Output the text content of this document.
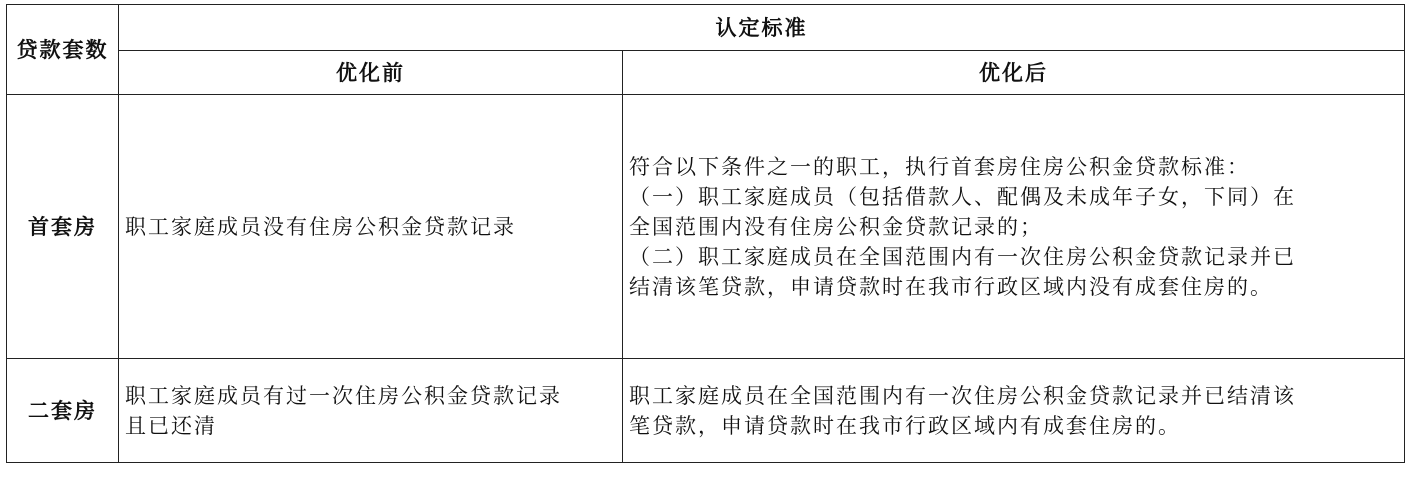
贷款套数	认定标准	
	优化前	优化后
首套房	职工家庭成员没有住房公积金贷款记录	符合以下条件之一的职工，执行首套房住房公积金贷款标准：
（一）职工家庭成员（包括借款人、配偶及未成年子女，下同）在
全国范围内没有住房公积金贷款记录的；
（二）职工家庭成员在全国范围内有一次住房公积金贷款记录并已
结清该笔贷款，申请贷款时在我市行政区域内没有成套住房的。

二套房	职工家庭成员有过一次住房公积金贷款记录
且已还清	职工家庭成员在全国范围内有一次住房公积金贷款记录并已结清该
笔贷款，申请贷款时在我市行政区域内有成套住房的。
